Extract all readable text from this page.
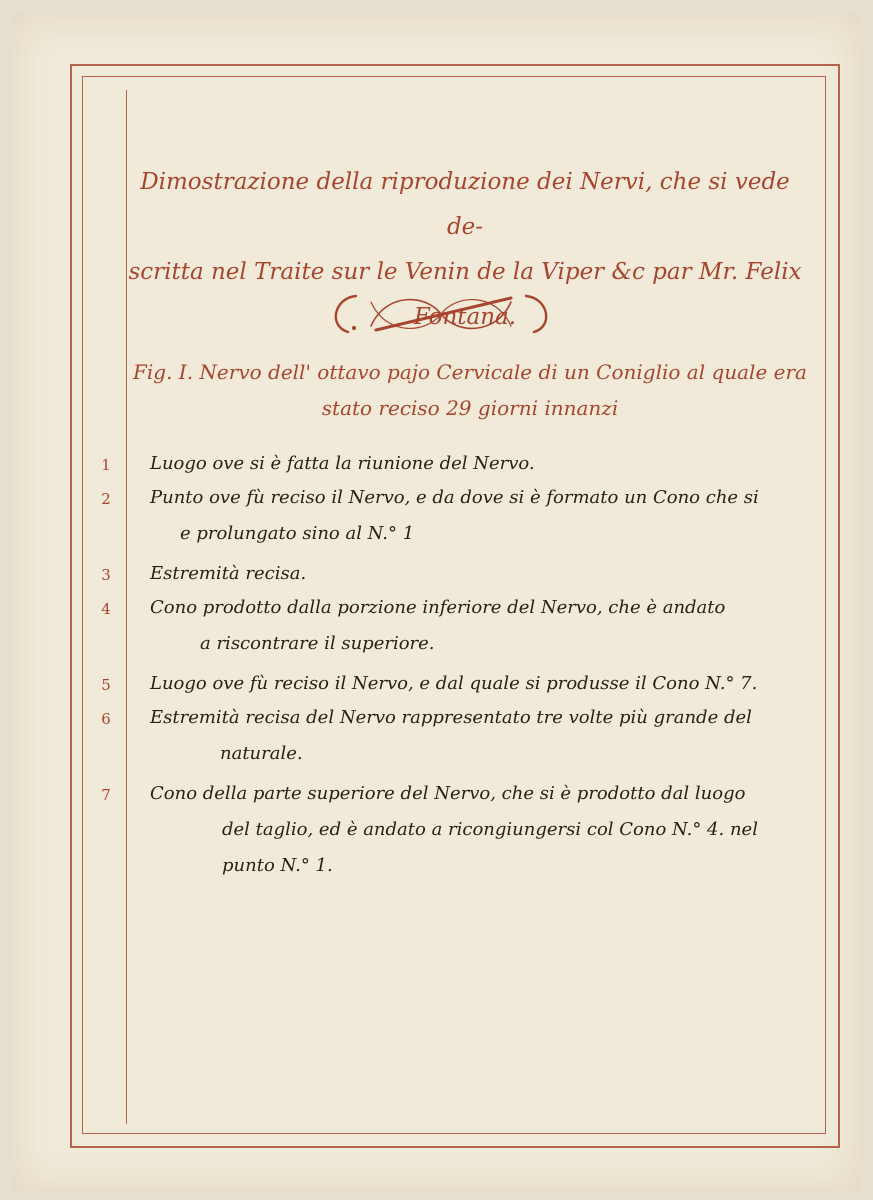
Dimostrazione della riproduzione dei Nervi, che si vede de-
scritta nel Traite sur le Venin de la Viper &c par Mr. Felix
Fontana.
Fig. I. Nervo dell' ottavo pajo Cervicale di un Coniglio al quale era
stato reciso 29 giorni innanzi
1	Luogo ove si è fatta la riunione del Nervo.
2	Punto ove fù reciso il Nervo, e da dove si è formato un Cono che si
e prolungato sino al N.° 1
3	Estremità recisa.
4	Cono prodotto dalla porzione inferiore del Nervo, che è andato
a riscontrare il superiore.
5	Luogo ove fù reciso il Nervo, e dal quale si produsse il Cono N.° 7.
6	Estremità recisa del Nervo rappresentato tre volte più grande del
naturale.
7	Cono della parte superiore del Nervo, che si è prodotto dal luogo
del taglio, ed è andato a ricongiungersi col Cono N.° 4. nel
punto N.° 1.
